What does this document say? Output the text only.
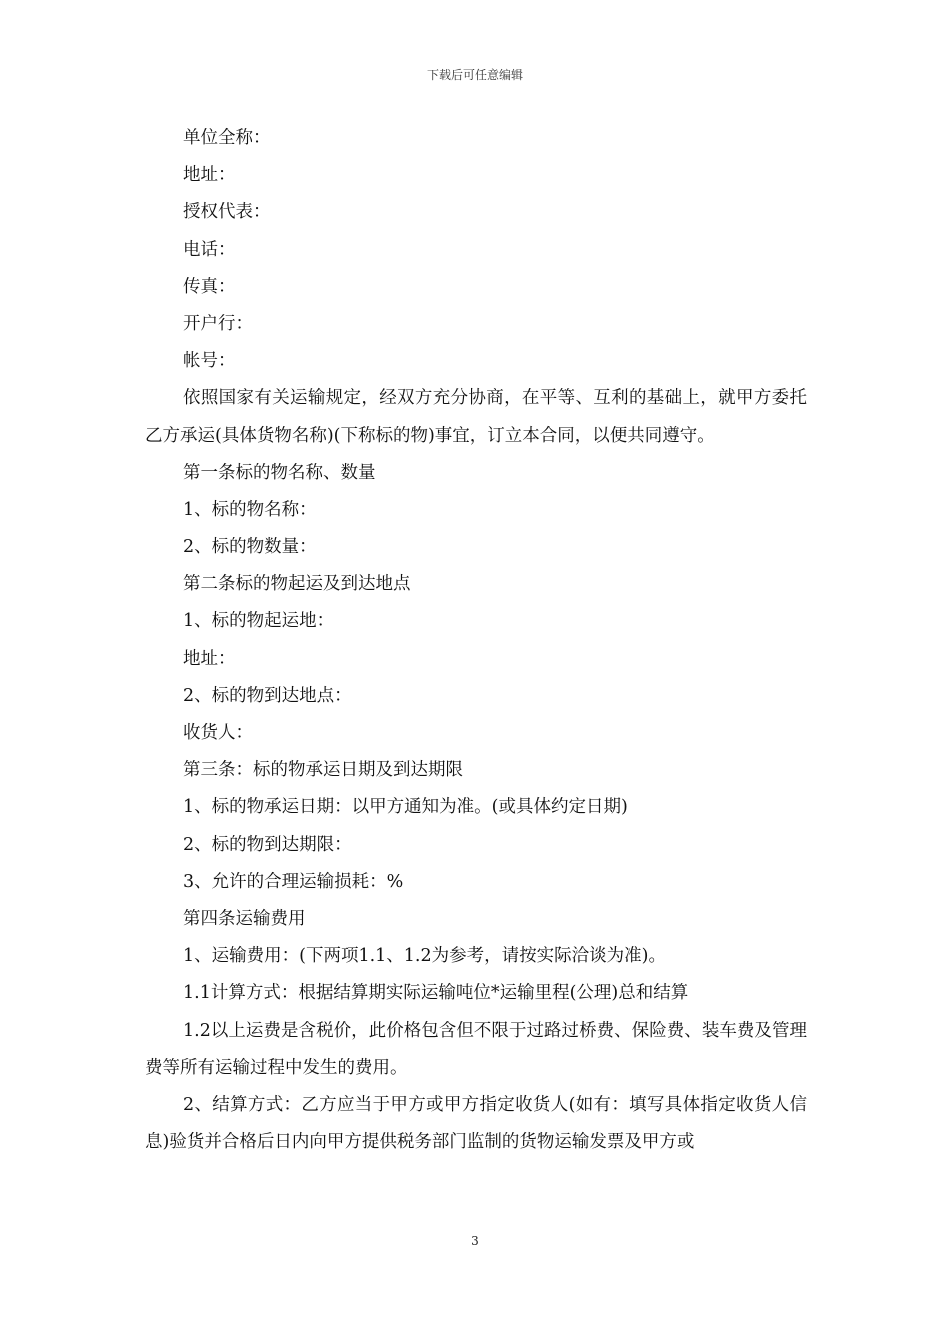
下载后可任意编辑
单位全称：
地址：
授权代表：
电话：
传真：
开户行：
帐号：
依照国家有关运输规定，经双方充分协商，在平等、互利的基础上，就甲方委托乙方承运(具体货物名称)(下称标的物)事宜，订立本合同，以便共同遵守。
第一条标的物名称、数量
1、标的物名称：
2、标的物数量：
第二条标的物起运及到达地点
1、标的物起运地：
地址：
2、标的物到达地点：
收货人：
第三条：标的物承运日期及到达期限
1、标的物承运日期：以甲方通知为准。(或具体约定日期)
2、标的物到达期限：
3、允许的合理运输损耗：%
第四条运输费用
1、运输费用：(下两项1.1、1.2为参考，请按实际洽谈为准)。
1.1计算方式：根据结算期实际运输吨位*运输里程(公理)总和结算
1.2以上运费是含税价，此价格包含但不限于过路过桥费、保险费、装车费及管理费等所有运输过程中发生的费用。
2、结算方式：乙方应当于甲方或甲方指定收货人(如有：填写具体指定收货人信息)验货并合格后日内向甲方提供税务部门监制的货物运输发票及甲方或
3
